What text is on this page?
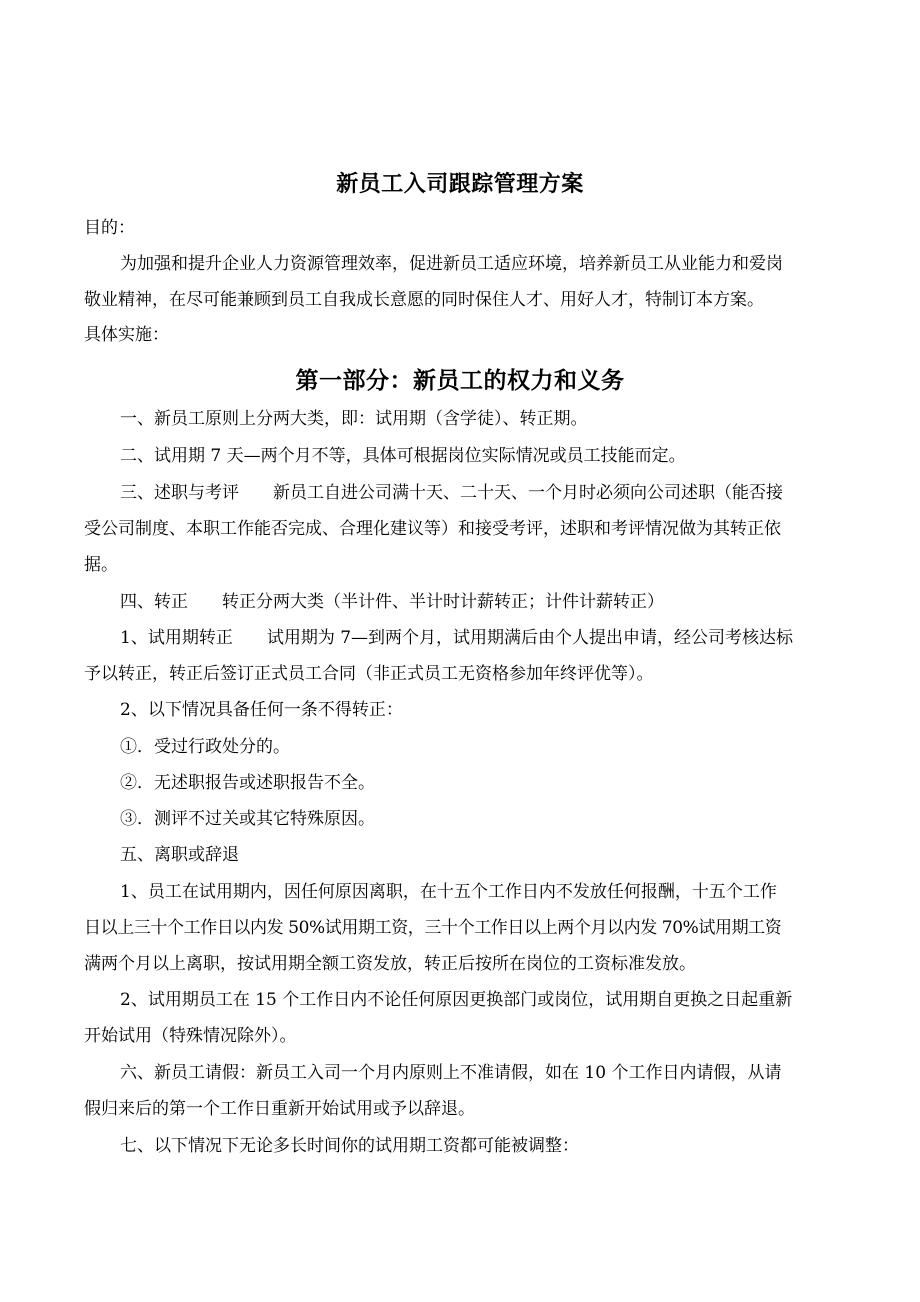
新员工入司跟踪管理方案
目的：
为加强和提升企业人力资源管理效率，促进新员工适应环境，培养新员工从业能力和爱岗
敬业精神，在尽可能兼顾到员工自我成长意愿的同时保住人才、用好人才，特制订本方案。
具体实施：
第一部分：新员工的权力和义务
一、新员工原则上分两大类，即：试用期（含学徒）、转正期。
二、试用期 7 天—两个月不等，具体可根据岗位实际情况或员工技能而定。
三、述职与考评　　新员工自进公司满十天、二十天、一个月时必须向公司述职（能否接
受公司制度、本职工作能否完成、合理化建议等）和接受考评，述职和考评情况做为其转正依
据。
四、转正　　转正分两大类（半计件、半计时计薪转正；计件计薪转正）
1、试用期转正　　试用期为 7—到两个月，试用期满后由个人提出申请，经公司考核达标
予以转正，转正后签订正式员工合同（非正式员工无资格参加年终评优等）。
2、以下情况具备任何一条不得转正：
①．受过行政处分的。
②．无述职报告或述职报告不全。
③．测评不过关或其它特殊原因。
五、离职或辞退
1、员工在试用期内，因任何原因离职，在十五个工作日内不发放任何报酬，十五个工作
日以上三十个工作日以内发 50%试用期工资，三十个工作日以上两个月以内发 70%试用期工资
满两个月以上离职，按试用期全额工资发放，转正后按所在岗位的工资标准发放。
2、试用期员工在 15 个工作日内不论任何原因更换部门或岗位，试用期自更换之日起重新
开始试用（特殊情况除外）。
六、新员工请假：新员工入司一个月内原则上不准请假，如在 10 个工作日内请假，从请
假归来后的第一个工作日重新开始试用或予以辞退。
七、以下情况下无论多长时间你的试用期工资都可能被调整：
